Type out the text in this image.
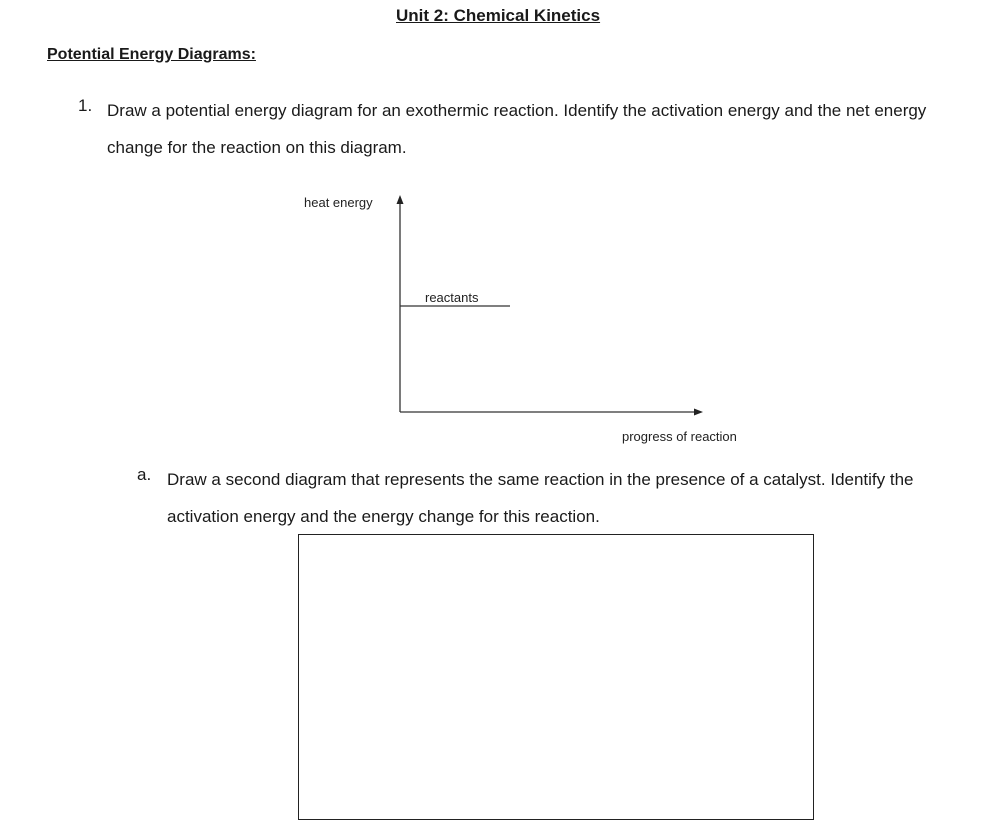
Unit 2: Chemical Kinetics
Potential Energy Diagrams:
1. Draw a potential energy diagram for an exothermic reaction. Identify the activation energy and the net energy change for the reaction on this diagram.
heat energy
reactants
progress of reaction
a. Draw a second diagram that represents the same reaction in the presence of a catalyst. Identify the activation energy and the energy change for this reaction.
